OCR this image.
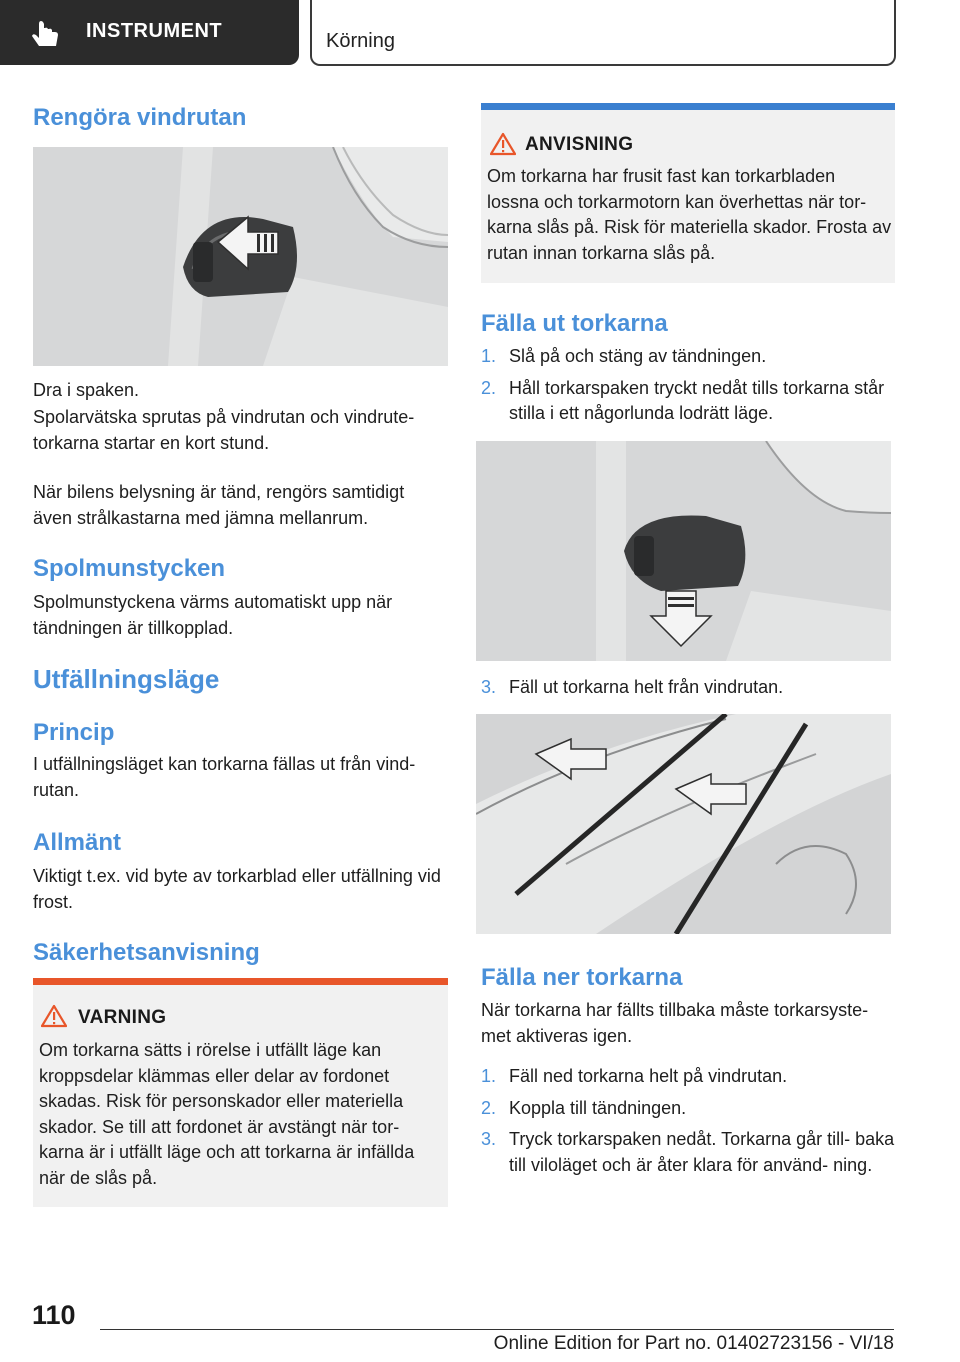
INSTRUMENT	Körning
Rengöra vindrutan
Dra i spaken.
Spolarvätska sprutas på vindrutan och vindrute‐ torkarna startar en kort stund.
När bilens belysning är tänd, rengörs samtidigt även strålkastarna med jämna mellanrum.
Spolmunstycken
Spolmunstyckena värms automatiskt upp när tändningen är tillkopplad.
Utfällningsläge
Princip
I utfällningsläget kan torkarna fällas ut från vind‐ rutan.
Allmänt
Viktigt t.ex. vid byte av torkarblad eller utfällning vid frost.
Säkerhetsanvisning
VARNING
Om torkarna sätts i rörelse i utfällt läge kan kroppsdelar klämmas eller delar av fordonet skadas. Risk för personskador eller materiella skador. Se till att fordonet är avstängt när tor‐ karna är i utfällt läge och att torkarna är infällda när de slås på.
ANVISNING
Om torkarna har frusit fast kan torkarbladen lossna och torkarmotorn kan överhettas när tor‐ karna slås på. Risk för materiella skador. Frosta av rutan innan torkarna slås på.
Fälla ut torkarna
1. Slå på och stäng av tändningen.
2. Håll torkarspaken tryckt nedåt tills torkarna står stilla i ett någorlunda lodrätt läge.
3. Fäll ut torkarna helt från vindrutan.
Fälla ner torkarna
När torkarna har fällts tillbaka måste torkarsyste‐ met aktiveras igen.
1. Fäll ned torkarna helt på vindrutan.
2. Koppla till tändningen.
3. Tryck torkarspaken nedåt. Torkarna går till‐ baka till viloläget och är åter klara för använd‐ ning.
110
Online Edition for Part no. 01402723156 - VI/18
